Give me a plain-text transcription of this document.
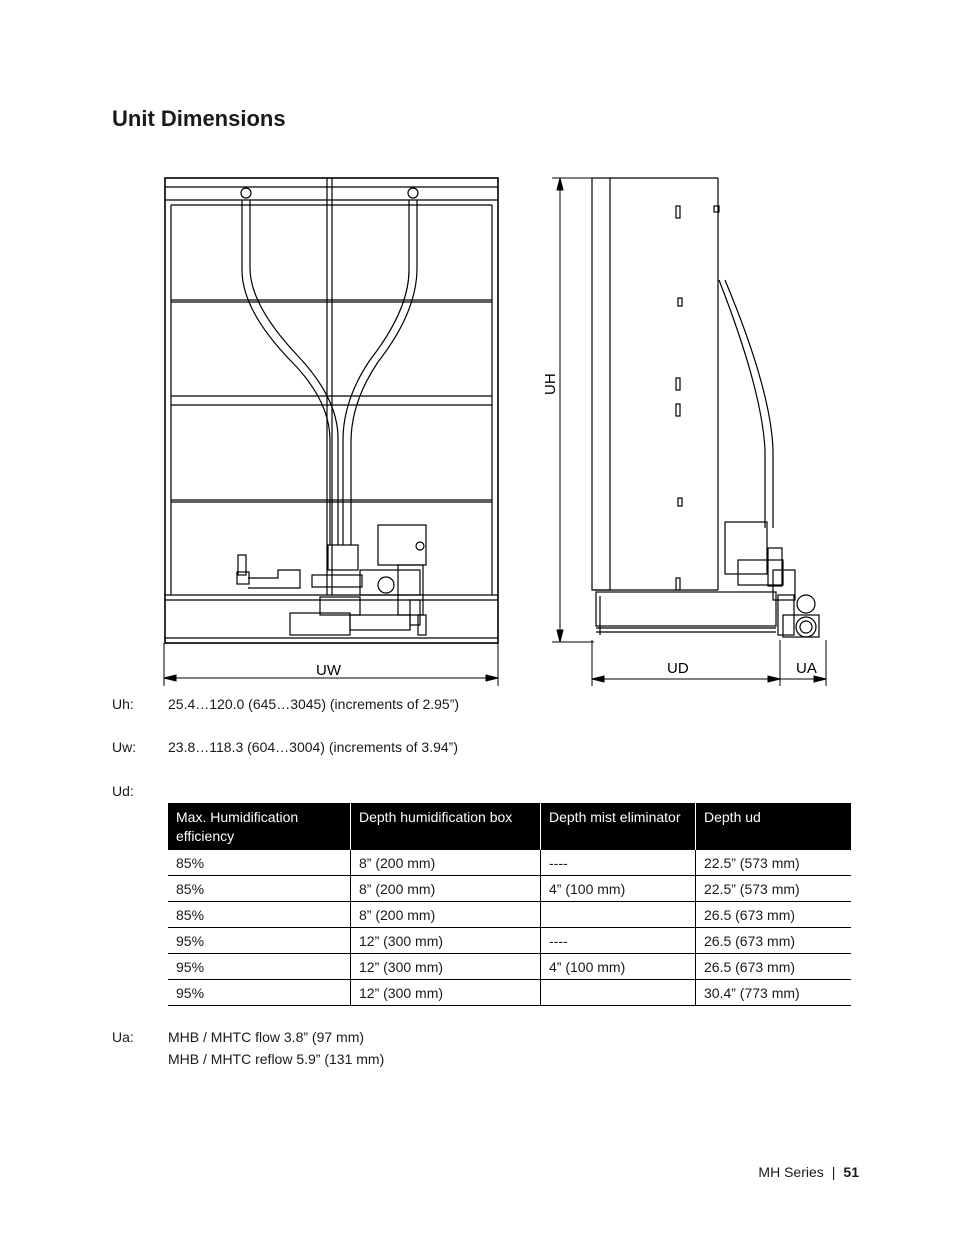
Unit Dimensions
UW	UD	UA
UH
Uh: 25.4…120.0 (645…3045) (increments of 2.95”)
Uw: 23.8…118.3 (604…3004) (increments of 3.94”)
Ud:
Max. Humidification efficiency	Depth humidification box	Depth mist eliminator	Depth ud
85%	8” (200 mm)	----	22.5” (573 mm)
85%	8” (200 mm)	4” (100 mm)	22.5” (573 mm)
85%	8” (200 mm)		26.5 (673 mm)
95%	12” (300 mm)	----	26.5 (673 mm)
95%	12” (300 mm)	4” (100 mm)	26.5 (673 mm)
95%	12” (300 mm)		30.4” (773 mm)
Ua: MHB / MHTC flow 3.8” (97 mm)
MHB / MHTC reflow 5.9” (131 mm)
MH Series | 51
